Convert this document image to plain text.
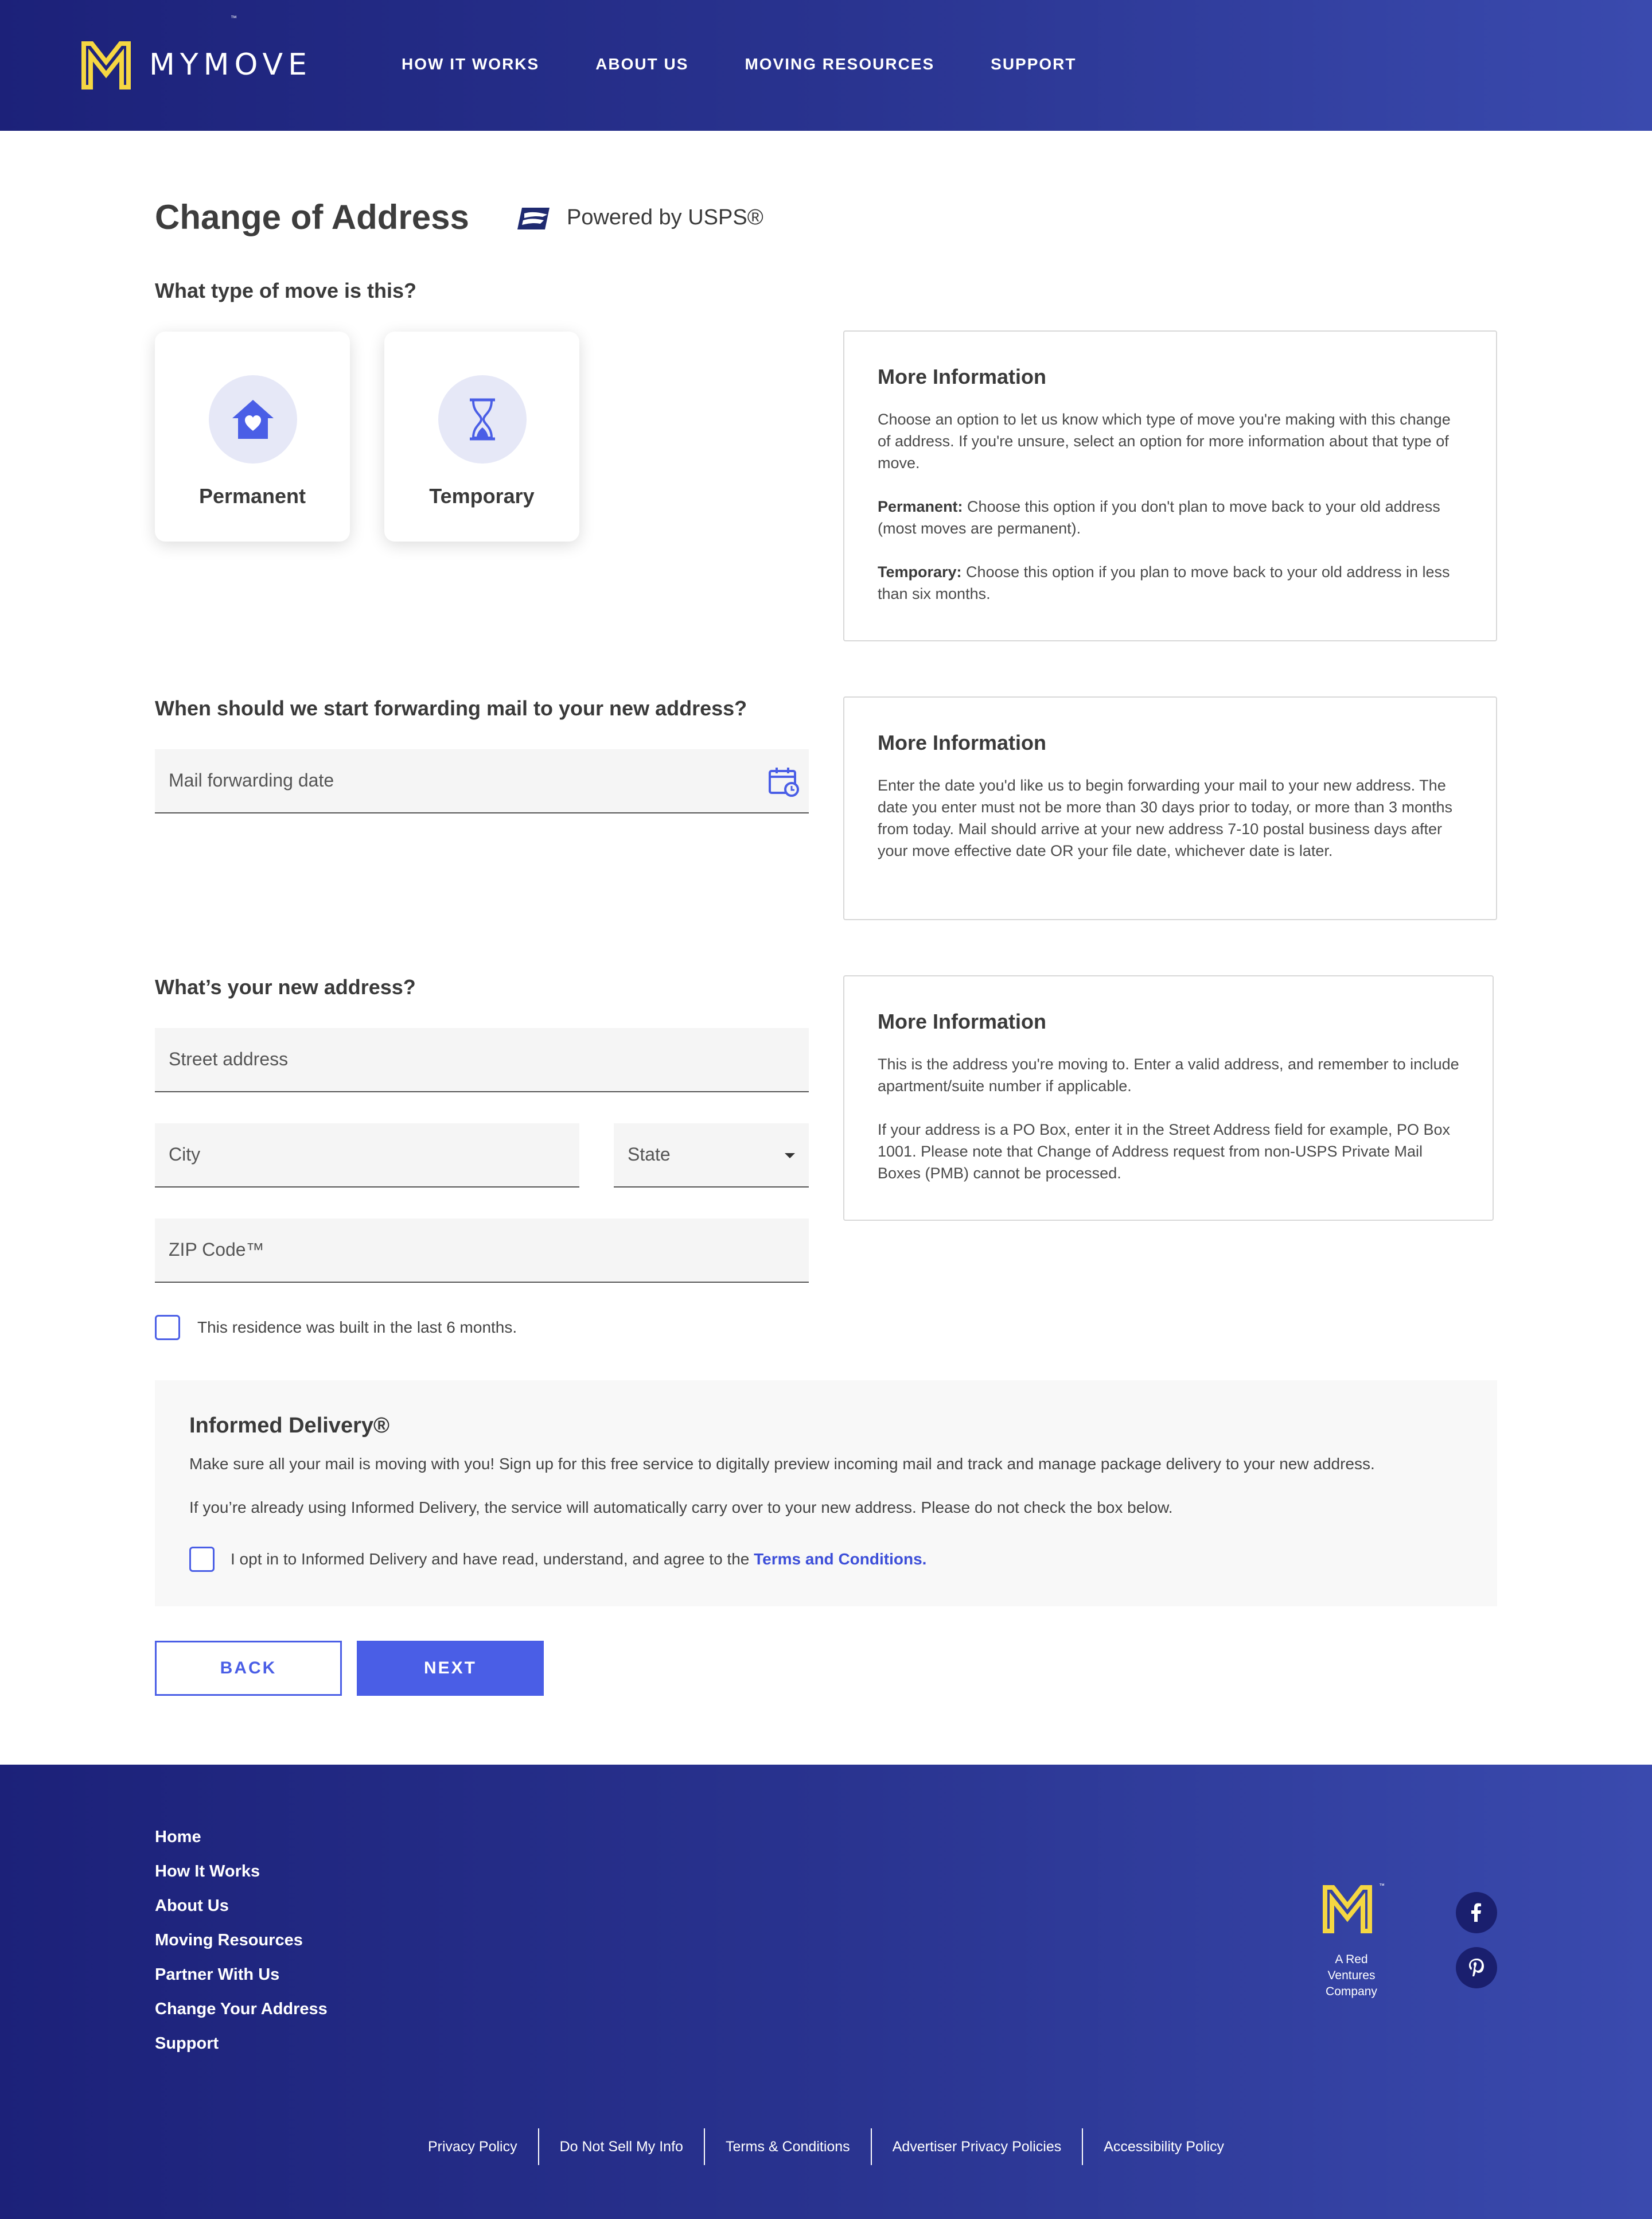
MYMOVE
™
HOW IT WORKS	ABOUT US	MOVING RESOURCES	SUPPORT
Change of Address	Powered by USPS®
What type of move is this?
Permanent	Temporary
More Information

Choose an option to let us know which type of move you're making with this change of address. If you're unsure, select an option for more information about that type of move.

Permanent: Choose this option if you don't plan to move back to your old address (most moves are permanent).

Temporary: Choose this option if you plan to move back to your old address in less than six months.

When should we start forwarding mail to your new address?
Mail forwarding date
More Information

Enter the date you'd like us to begin forwarding your mail to your new address. The date you enter must not be more than 30 days prior to today, or more than 3 months from today. Mail should arrive at your new address 7-10 postal business days after your move effective date OR your file date, whichever date is later.

What’s your new address?
Street address
City	State
ZIP Code™
This residence was built in the last 6 months.
More Information

This is the address you're moving to. Enter a valid address, and remember to include apartment/suite number if applicable.

If your address is a PO Box, enter it in the Street Address field for example, PO Box 1001. Please note that Change of Address request from non-USPS Private Mail Boxes (PMB) cannot be processed.

Informed Delivery®

Make sure all your mail is moving with you! Sign up for this free service to digitally preview incoming mail and track and manage package delivery to your new address.

If you’re already using Informed Delivery, the service will automatically carry over to your new address. Please do not check the box below.

I opt in to Informed Delivery and have read, understand, and agree to the Terms and Conditions.

BACK	NEXT
Home
How It Works
About Us
Moving Resources
Partner With Us
Change Your Address
Support
™
A Red Ventures Company
Privacy Policy	Do Not Sell My Info	Terms & Conditions	Advertiser Privacy Policies	Accessibility Policy
